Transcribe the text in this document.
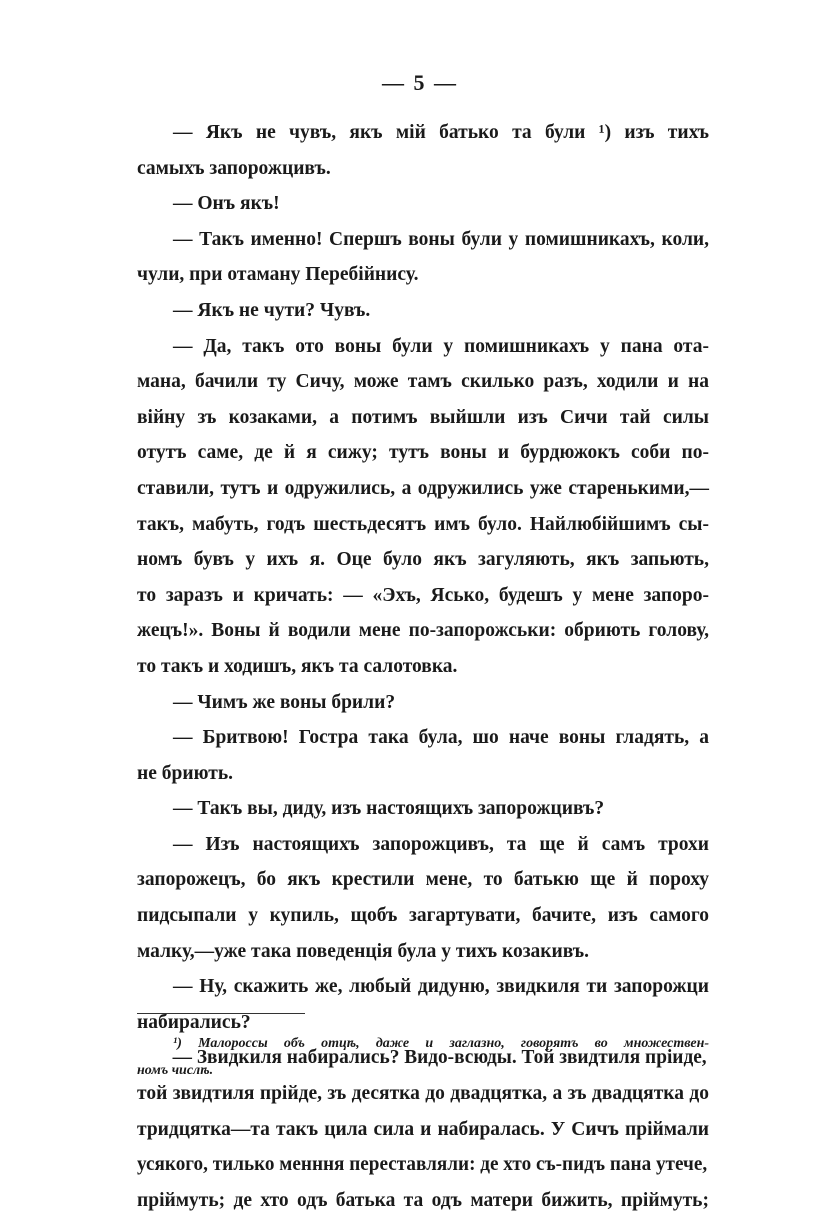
— 5 —
— Якъ не чувъ, якъ мій батько та були ¹) изъ тихъ
самыхъ запорожцивъ.
— Онъ якъ!
— Такъ именно! Спершъ воны були у помишникахъ, коли,
чули, при отаману Перебійнису.
— Якъ не чути? Чувъ.
— Да, такъ ото воны були у помишникахъ у пана ота-
мана, бачили ту Сичу, може тамъ скилько разъ, ходили и на
війну зъ козаками, а потимъ выйшли изъ Сичи тай силы
отутъ саме, де й я сижу; тутъ воны и бурдюжокъ соби по-
ставили, тутъ и одружились, а одружились уже старенькими,—
такъ, мабуть, годъ шестьдесятъ имъ було. Найлюбійшимъ сы-
номъ бувъ у ихъ я. Оце було якъ загуляють, якъ запьють,
то заразъ и кричать: — «Эхъ, Ясько, будешъ у мене запоро-
жецъ!». Воны й водили мене по-запорожськи: обриють голову,
то такъ и ходишъ, якъ та салотовка.
— Чимъ же воны брили?
— Бритвою! Гостра така була, шо наче воны гладять, а
не бриють.
— Такъ вы, диду, изъ настоящихъ запорожцивъ?
— Изъ настоящихъ запорожцивъ, та ще й самъ трохи
запорожецъ, бо якъ крестили мене, то батькю ще й пороху
пидсыпали у купиль, щобъ загартувати, бачите, изъ самого
малку,—уже така поведенція була у тихъ козакивъ.
— Ну, скажить же, любый дидуню, звидкиля ти запорожци
набирались?
— Звидкиля набирались? Видо-всюды. Той звидтиля пріиде,
той звидтиля прійде, зъ десятка до двадцятка, а зъ двадцятка до
тридцятка—та такъ цила сила и набиралась. У Сичъ пріймали
усякого, тилько менння переставляли: де хто съ-пидъ пана утече,
пріймуть; де хто одъ батька та одъ матери бижить, пріймуть;
¹) Малороссы объ отцѣ, даже и заглазно, говорятъ во множествен-
номъ числѣ.
